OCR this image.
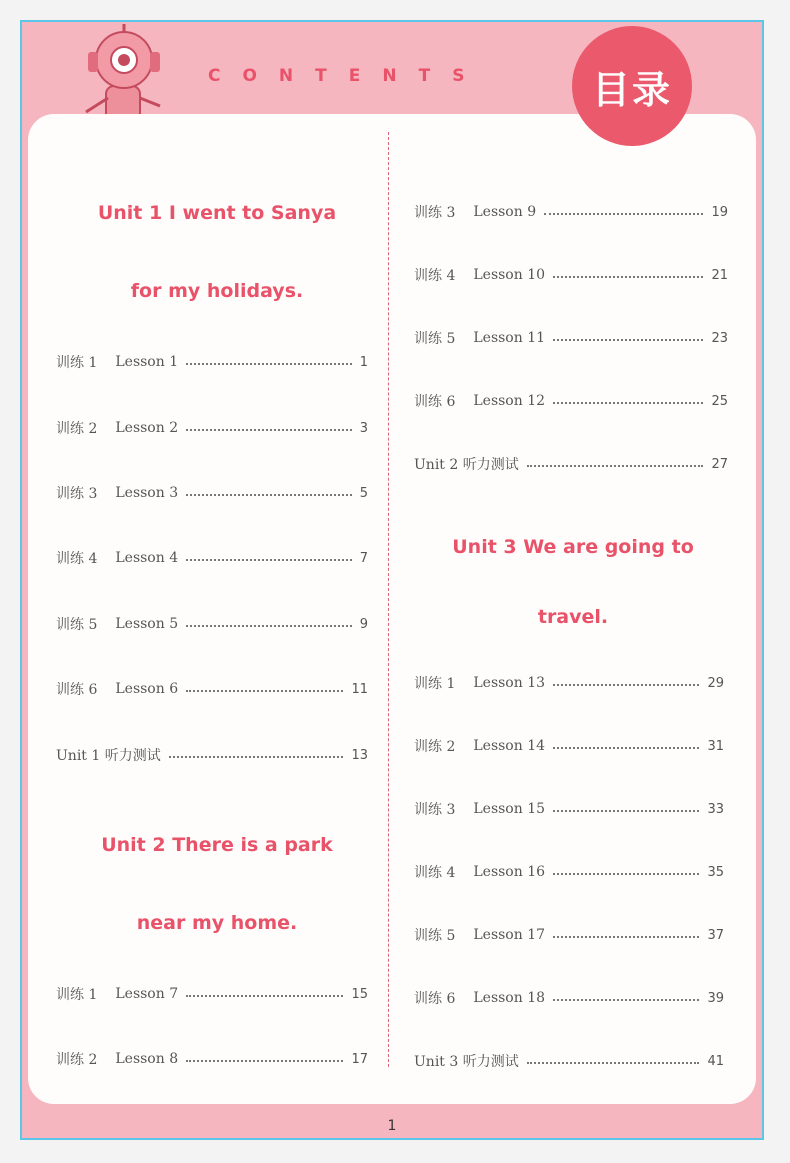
CONTENTS	目录
Unit 1 I went to Sanya
for my holidays.
训练 1 Lesson 1	1
训练 2 Lesson 2	3
训练 3 Lesson 3	5
训练 4 Lesson 4	7
训练 5 Lesson 5	9
训练 6 Lesson 6	11
Unit 1 听力测试	13
Unit 2 There is a park
near my home.
训练 1 Lesson 7	15
训练 2 Lesson 8	17
训练 3 Lesson 9	19
训练 4 Lesson 10	21
训练 5 Lesson 11	23
训练 6 Lesson 12	25
Unit 2 听力测试	27
Unit 3 We are going to
travel.
训练 1 Lesson 13	29
训练 2 Lesson 14	31
训练 3 Lesson 15	33
训练 4 Lesson 16	35
训练 5 Lesson 17	37
训练 6 Lesson 18	39
Unit 3 听力测试	41
1
